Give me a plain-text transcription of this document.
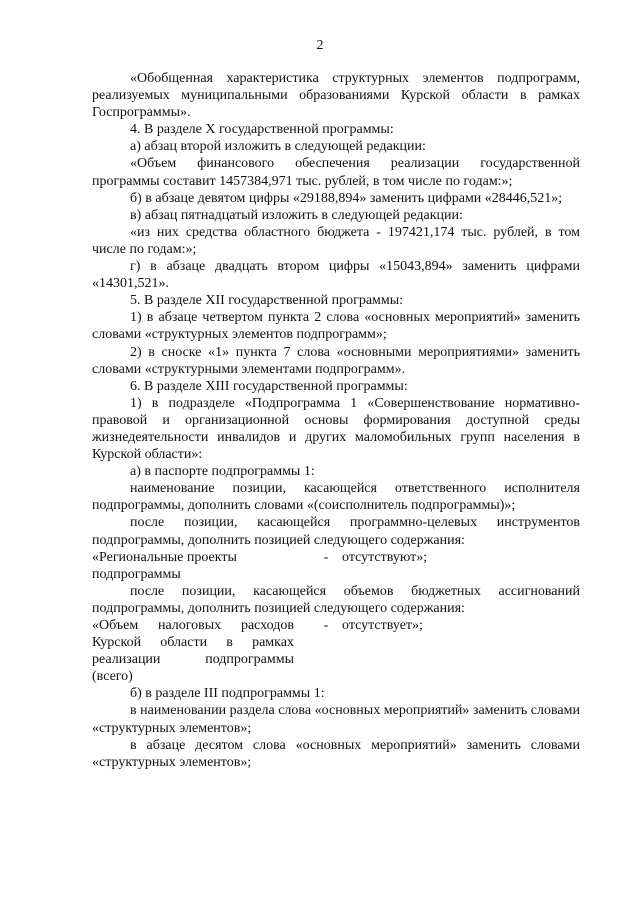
2

«Обобщенная характеристика структурных элементов подпрограмм, реализуемых муниципальными образованиями Курской области в рамках Госпрограммы».

4. В разделе X государственной программы:

а) абзац второй изложить в следующей редакции:

«Объем финансового обеспечения реализации государственной программы составит 1457384,971 тыс. рублей, в том числе по годам:»;

б) в абзаце девятом цифры «29188,894» заменить цифрами «28446,521»;

в) абзац пятнадцатый изложить в следующей редакции:

«из них средства областного бюджета - 197421,174 тыс. рублей, в том числе по годам:»;

г) в абзаце двадцать втором цифры «15043,894» заменить цифрами «14301,521».

5. В разделе XII государственной программы:

1) в абзаце четвертом пункта 2 слова «основных мероприятий» заменить словами «структурных элементов подпрограмм»;

2) в сноске «1» пункта 7 слова «основными мероприятиями» заменить словами «структурными элементами подпрограмм».

6. В разделе XIII государственной программы:

1) в подразделе «Подпрограмма 1 «Совершенствование нормативно-правовой и организационной основы формирования доступной среды жизнедеятельности инвалидов и других маломобильных групп населения в Курской области»:

а) в паспорте подпрограммы 1:

наименование позиции, касающейся ответственного исполнителя подпрограммы, дополнить словами «(соисполнитель подпрограммы)»;

после позиции, касающейся программно-целевых инструментов подпрограммы, дополнить позицией следующего содержания:

«Региональные проекты	- отсутствуют»;
подпрограммы

после позиции, касающейся объемов бюджетных ассигнований подпрограммы, дополнить позицией следующего содержания:

«Объем налоговых расходов	- отсутствует»;
Курской области в рамках
реализации	подпрограммы
(всего)

б) в разделе III подпрограммы 1:

в наименовании раздела слова «основных мероприятий» заменить словами «структурных элементов»;

в абзаце десятом слова «основных мероприятий» заменить словами «структурных элементов»;
